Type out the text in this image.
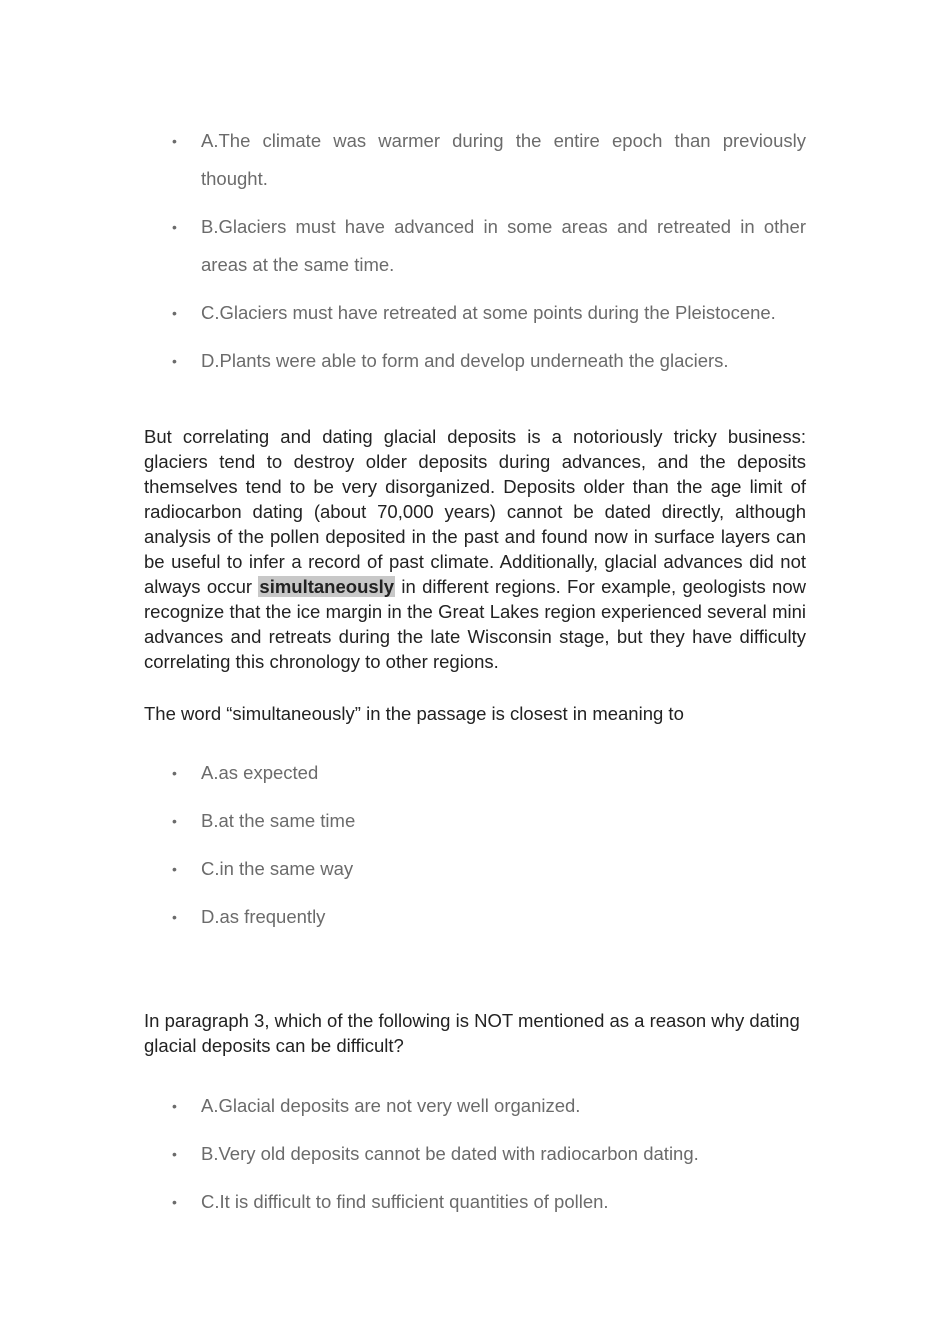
• A.The climate was warmer during the entire epoch than previously thought.
• B.Glaciers must have advanced in some areas and retreated in other areas at the same time.
• C.Glaciers must have retreated at some points during the Pleistocene.
• D.Plants were able to form and develop underneath the glaciers.

But correlating and dating glacial deposits is a notoriously tricky business: glaciers tend to destroy older deposits during advances, and the deposits themselves tend to be very disorganized. Deposits older than the age limit of radiocarbon dating (about 70,000 years) cannot be dated directly, although analysis of the pollen deposited in the past and found now in surface layers can be useful to infer a record of past climate. Additionally, glacial advances did not always occur simultaneously in different regions. For example, geologists now recognize that the ice margin in the Great Lakes region experienced several mini advances and retreats during the late Wisconsin stage, but they have difficulty correlating this chronology to other regions.

The word “simultaneously” in the passage is closest in meaning to

• A.as expected
• B.at the same time
• C.in the same way
• D.as frequently

In paragraph 3, which of the following is NOT mentioned as a reason why dating glacial deposits can be difficult?

• A.Glacial deposits are not very well organized.
• B.Very old deposits cannot be dated with radiocarbon dating.
• C.It is difficult to find sufficient quantities of pollen.
